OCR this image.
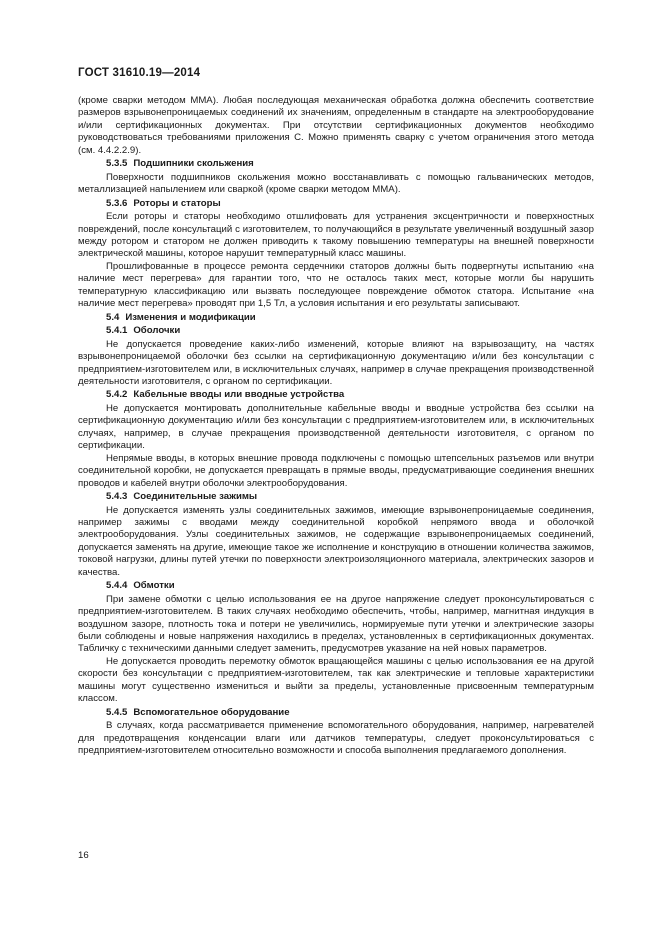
ГОСТ 31610.19—2014

(кроме сварки методом ММА). Любая последующая механическая обработка должна обеспечить соответствие размеров взрывонепроницаемых соединений их значениям, определенным в стандарте на электрооборудование и/или сертификационных документах. При отсутствии сертификационных документов необходимо руководствоваться требованиями приложения С. Можно применять сварку с учетом ограничения этого метода (см. 4.4.2.2.9).

5.3.5 Подшипники скольжения

Поверхности подшипников скольжения можно восстанавливать с помощью гальванических методов, металлизацией напылением или сваркой (кроме сварки методом ММА).

5.3.6 Роторы и статоры

Если роторы и статоры необходимо отшлифовать для устранения эксцентричности и поверхностных повреждений, после консультаций с изготовителем, то получающийся в результате увеличенный воздушный зазор между ротором и статором не должен приводить к такому повышению температуры на внешней поверхности электрической машины, которое нарушит температурный класс машины.

Прошлифованные в процессе ремонта сердечники статоров должны быть подвергнуты испытанию «на наличие мест перегрева» для гарантии того, что не осталось таких мест, которые могли бы нарушить температурную классификацию или вызвать последующее повреждение обмоток статора. Испытание «на наличие мест перегрева» проводят при 1,5 Тл, а условия испытания и его результаты записывают.

5.4 Изменения и модификации
5.4.1 Оболочки

Не допускается проведение каких-либо изменений, которые влияют на взрывозащиту, на частях взрывонепроницаемой оболочки без ссылки на сертификационную документацию и/или без консультации с предприятием-изготовителем или, в исключительных случаях, например в случае прекращения производственной деятельности изготовителя, с органом по сертификации.

5.4.2 Кабельные вводы или вводные устройства

Не допускается монтировать дополнительные кабельные вводы и вводные устройства без ссылки на сертификационную документацию и/или без консультации с предприятием-изготовителем или, в исключительных случаях, например, в случае прекращения производственной деятельности изготовителя, с органом по сертификации.

Непрямые вводы, в которых внешние провода подключены с помощью штепсельных разъемов или внутри соединительной коробки, не допускается превращать в прямые вводы, предусматривающие соединения внешних проводов и кабелей внутри оболочки электрооборудования.

5.4.3 Соединительные зажимы

Не допускается изменять узлы соединительных зажимов, имеющие взрывонепроницаемые соединения, например зажимы с вводами между соединительной коробкой непрямого ввода и оболочкой электрооборудования. Узлы соединительных зажимов, не содержащие взрывонепроницаемых соединений, допускается заменять на другие, имеющие такое же исполнение и конструкцию в отношении количества зажимов, токовой нагрузки, длины путей утечки по поверхности электроизоляционного материала, электрических зазоров и качества.

5.4.4 Обмотки

При замене обмотки с целью использования ее на другое напряжение следует проконсультироваться с предприятием-изготовителем. В таких случаях необходимо обеспечить, чтобы, например, магнитная индукция в воздушном зазоре, плотность тока и потери не увеличились, нормируемые пути утечки и электрические зазоры были соблюдены и новые напряжения находились в пределах, установленных в сертификационных документах. Табличку с техническими данными следует заменить, предусмотрев указание на ней новых параметров.

Не допускается проводить перемотку обмоток вращающейся машины с целью использования ее на другой скорости без консультации с предприятием-изготовителем, так как электрические и тепловые характеристики машины могут существенно измениться и выйти за пределы, установленные присвоенным температурным классом.

5.4.5 Вспомогательное оборудование

В случаях, когда рассматривается применение вспомогательного оборудования, например, нагревателей для предотвращения конденсации влаги или датчиков температуры, следует проконсультироваться с предприятием-изготовителем относительно возможности и способа выполнения предлагаемого дополнения.

16
